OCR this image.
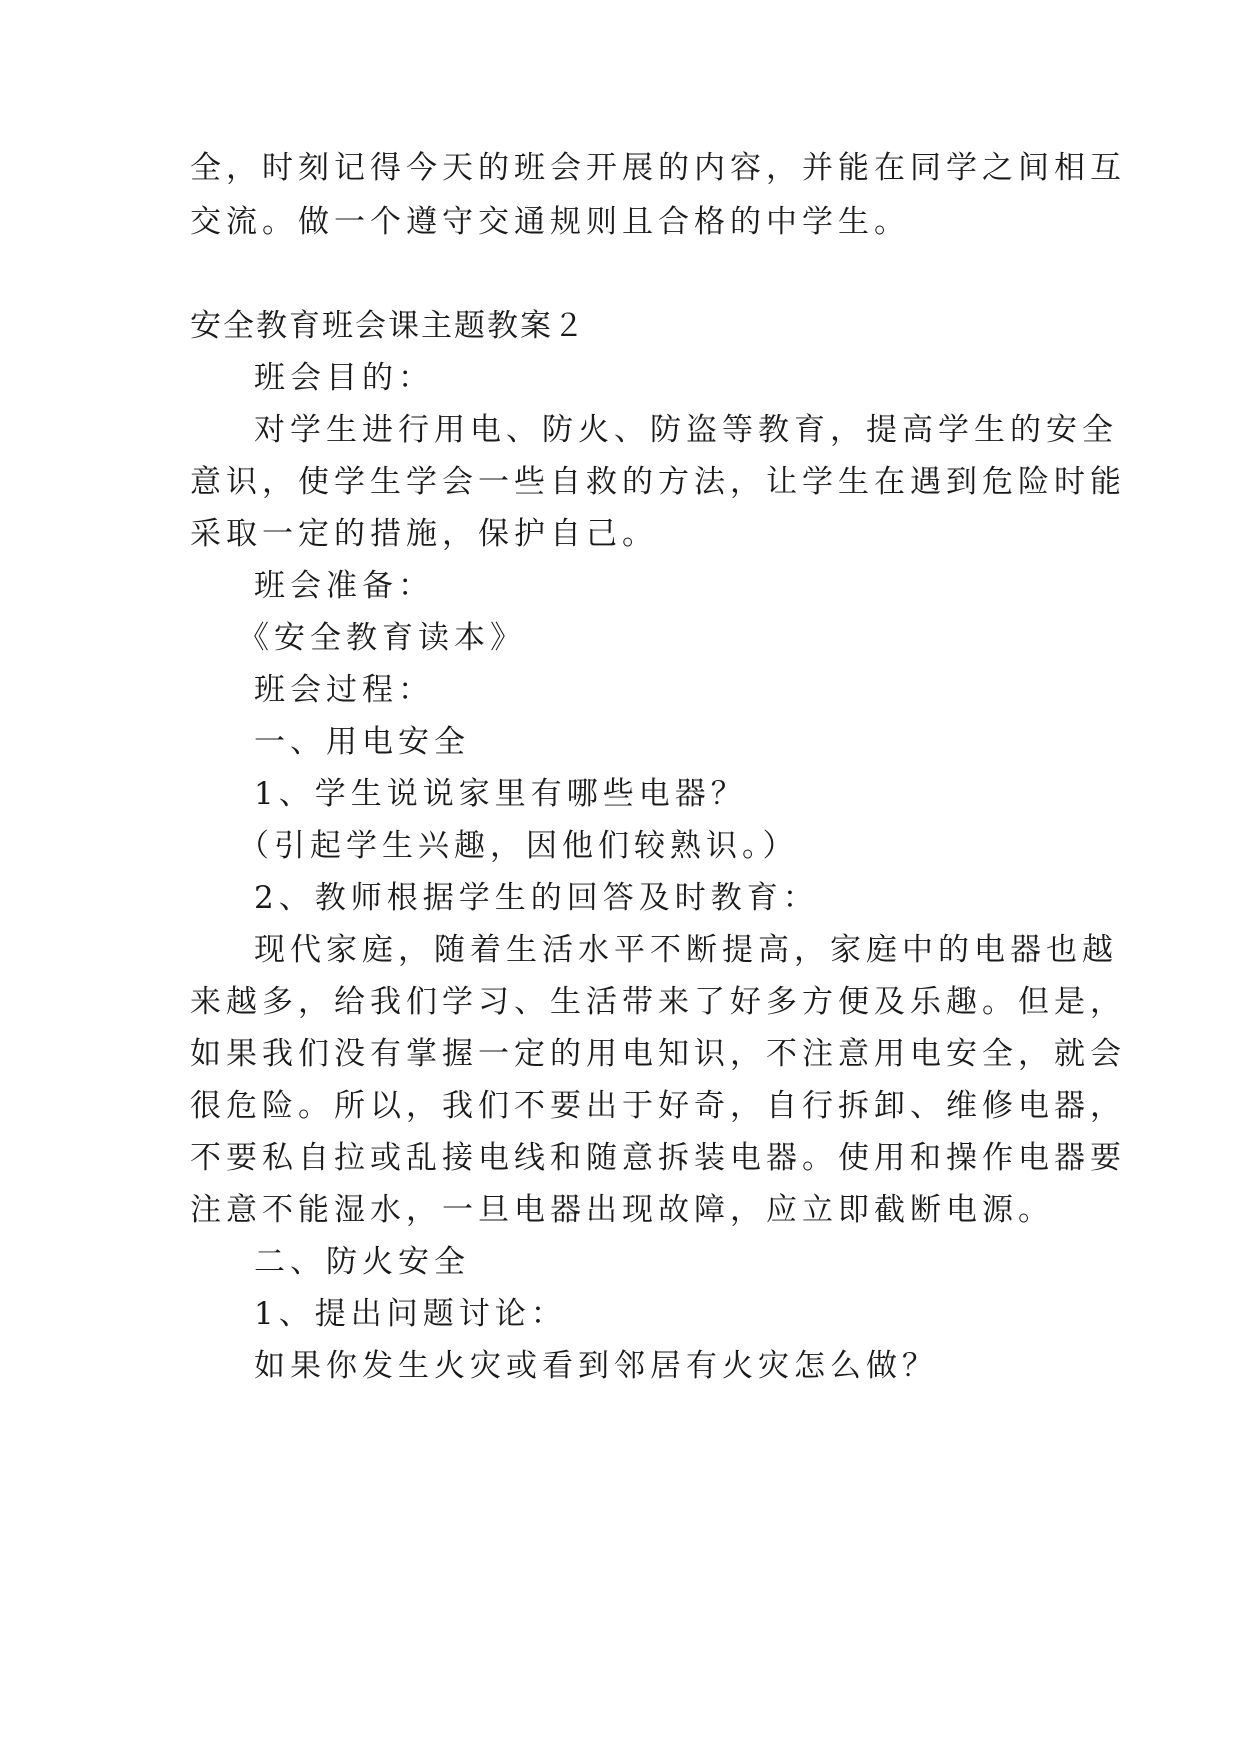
全，时刻记得今天的班会开展的内容，并能在同学之间相互
交流。做一个遵守交通规则且合格的中学生。
安全教育班会课主题教案２
班会目的：
对学生进行用电、防火、防盗等教育，提高学生的安全
意识，使学生学会一些自救的方法，让学生在遇到危险时能
采取一定的措施，保护自己。
班会准备：
《安全教育读本》
班会过程：
一、用电安全
1、学生说说家里有哪些电器？
（引起学生兴趣，因他们较熟识。）
2、教师根据学生的回答及时教育：
现代家庭，随着生活水平不断提高，家庭中的电器也越
来越多，给我们学习、生活带来了好多方便及乐趣。但是，
如果我们没有掌握一定的用电知识，不注意用电安全，就会
很危险。所以，我们不要出于好奇，自行拆卸、维修电器，
不要私自拉或乱接电线和随意拆装电器。使用和操作电器要
注意不能湿水，一旦电器出现故障，应立即截断电源。
二、防火安全
1、提出问题讨论：
如果你发生火灾或看到邻居有火灾怎么做？
